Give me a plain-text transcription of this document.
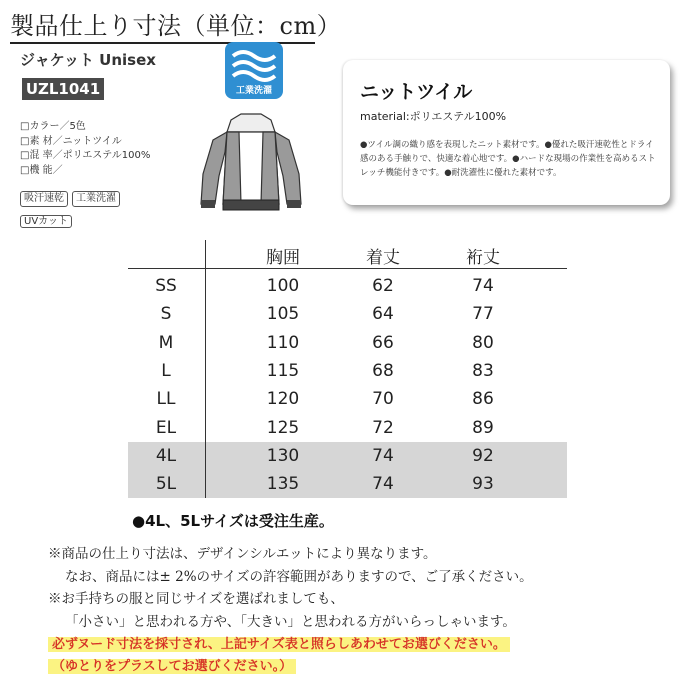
製品仕上り寸法（単位：cm）
ジャケット Unisex
UZL1041	工業洗濯
□カラー／5色
□素 材／ニットツイル
□混 率／ポリエステル100%
□機 能／
吸汗速乾	工業洗濯
UVカット
ニットツイル
material:ポリエステル100%
●ツイル調の織り感を表現したニット素材です。●優れた吸汗速乾性とドライ感のある手触りで、快適な着心地です。●ハードな現場の作業性を高めるストレッチ機能付きです。●耐洗濯性に優れた素材です。
胸囲	着丈	裄丈
SS	100	62	74
S	105	64	77
M	110	66	80
L	115	68	83
LL	120	70	86
EL	125	72	89
4L	130	74	92
5L	135	74	93
●4L、5Lサイズは受注生産。
※商品の仕上り寸法は、デザインシルエットにより異なります。
なお、商品には± 2%のサイズの許容範囲がありますので、ご了承ください。
※お手持ちの服と同じサイズを選ばれましても、
「小さい」と思われる方や、「大きい」と思われる方がいらっしゃいます。
必ずヌード寸法を採寸され、上記サイズ表と照らしあわせてお選びください。
（ゆとりをプラスしてお選びください。）
